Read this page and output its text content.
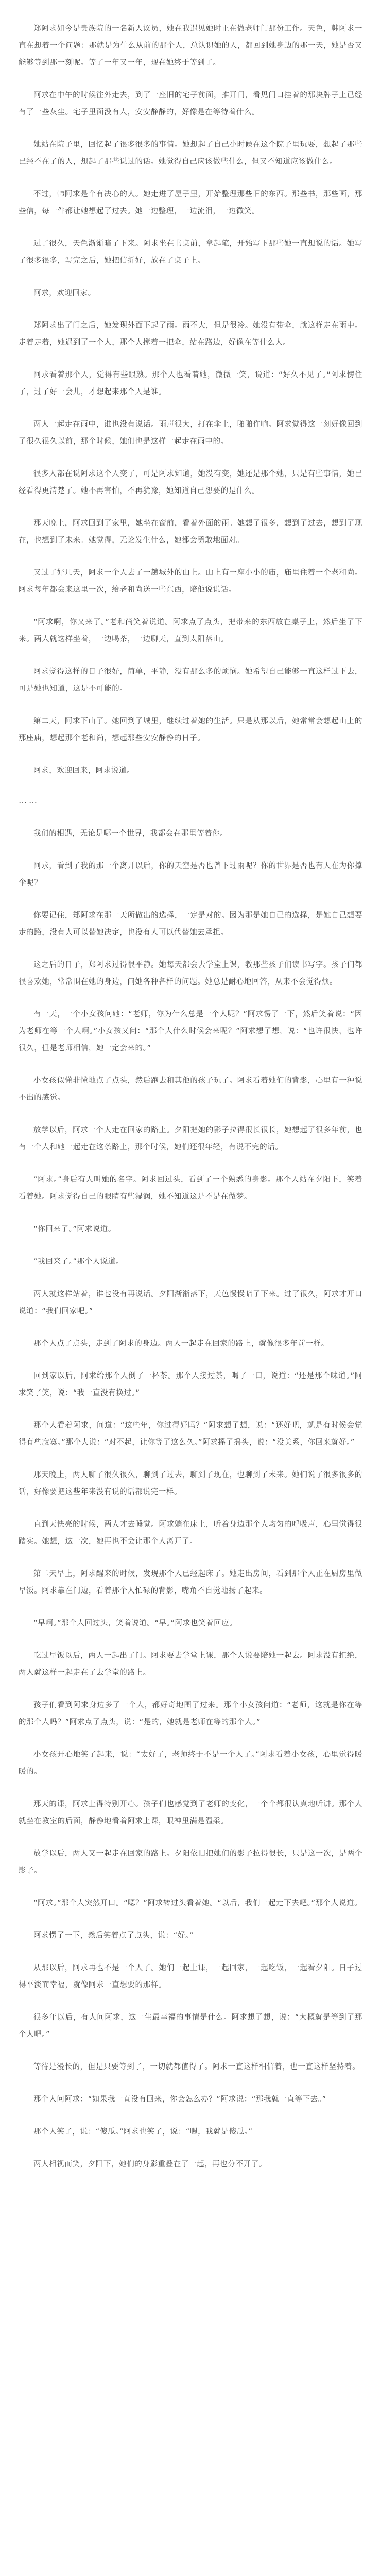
郑阿求如今是贵族院的一名新人议员，她在我遇见她时正在做老师门那份工作。天色，韩阿求一直在想着一个问题：那就是为什么从前的那个人，总认识她的人，都回到她身边的那一天，她是否又能够等到那一刻呢。等了一年又一年，现在她终于等到了。

阿求在中午的时候往外走去，到了一座旧的宅子前面，推开门，看见门口挂着的那块牌子上已经有了一些灰尘。宅子里面没有人，安安静静的，好像是在等待着什么。

她站在院子里，回忆起了很多很多的事情。她想起了自己小时候在这个院子里玩耍，想起了那些已经不在了的人，想起了那些说过的话。她觉得自己应该做些什么，但又不知道应该做什么。

不过，韩阿求是个有决心的人。她走进了屋子里，开始整理那些旧的东西。那些书，那些画，那些信，每一件都让她想起了过去。她一边整理，一边流泪，一边微笑。

过了很久，天色渐渐暗了下来。阿求坐在书桌前，拿起笔，开始写下那些她一直想说的话。她写了很多很多，写完之后，她把信折好，放在了桌子上。

阿求，欢迎回家。

郑阿求出了门之后，她发现外面下起了雨。雨不大，但是很冷。她没有带伞，就这样走在雨中。走着走着，她遇到了一个人，那个人撑着一把伞，站在路边，好像在等什么人。

阿求看着那个人，觉得有些眼熟。那个人也看着她，微微一笑，说道：“好久不见了。”阿求愣住了，过了好一会儿，才想起来那个人是谁。

两人一起走在雨中，谁也没有说话。雨声很大，打在伞上，啪啪作响。阿求觉得这一刻好像回到了很久很久以前，那个时候，她们也是这样一起走在雨中的。

很多人都在说阿求这个人变了，可是阿求知道，她没有变，她还是那个她，只是有些事情，她已经看得更清楚了。她不再害怕，不再犹豫，她知道自己想要的是什么。

那天晚上，阿求回到了家里，她坐在窗前，看着外面的雨。她想了很多，想到了过去，想到了现在，也想到了未来。她觉得，无论发生什么，她都会勇敢地面对。

又过了好几天，阿求一个人去了一趟城外的山上。山上有一座小小的庙，庙里住着一个老和尚。阿求每年都会来这里一次，给老和尚送一些东西，陪他说说话。

“阿求啊，你又来了。”老和尚笑着说道。阿求点了点头，把带来的东西放在桌子上，然后坐了下来。两人就这样坐着，一边喝茶，一边聊天，直到太阳落山。

阿求觉得这样的日子很好，简单，平静，没有那么多的烦恼。她希望自己能够一直这样过下去，可是她也知道，这是不可能的。

第二天，阿求下山了。她回到了城里，继续过着她的生活。只是从那以后，她常常会想起山上的那座庙，想起那个老和尚，想起那些安安静静的日子。

阿求，欢迎回来，阿求说道。

……

我们的相遇，无论是哪一个世界，我都会在那里等着你。

阿求，看到了我的那一个离开以后，你的天空是否也曾下过雨呢？你的世界是否也有人在为你撑伞呢？

你要记住，郑阿求在那一天所做出的选择，一定是对的。因为那是她自己的选择，是她自己想要走的路，没有人可以替她决定，也没有人可以代替她去承担。

这之后的日子，郑阿求过得很平静。她每天都会去学堂上课，教那些孩子们读书写字。孩子们都很喜欢她，常常围在她的身边，问她各种各样的问题。她总是耐心地回答，从来不会觉得烦。

有一天，一个小女孩问她：“老师，你为什么总是一个人呢？”阿求愣了一下，然后笑着说：“因为老师在等一个人啊。”小女孩又问：“那个人什么时候会来呢？”阿求想了想，说：“也许很快，也许很久，但是老师相信，她一定会来的。”

小女孩似懂非懂地点了点头，然后跑去和其他的孩子玩了。阿求看着她们的背影，心里有一种说不出的感觉。

放学以后，阿求一个人走在回家的路上。夕阳把她的影子拉得很长很长，她想起了很多年前，也有一个人和她一起走在这条路上，那个时候，她们还很年轻，有说不完的话。

“阿求。”身后有人叫她的名字。阿求回过头，看到了一个熟悉的身影。那个人站在夕阳下，笑着看着她。阿求觉得自己的眼睛有些湿润，她不知道这是不是在做梦。

“你回来了。”阿求说道。

“我回来了。”那个人说道。

两人就这样站着，谁也没有再说话。夕阳渐渐落下，天色慢慢暗了下来。过了很久，阿求才开口说道：“我们回家吧。”

那个人点了点头，走到了阿求的身边。两人一起走在回家的路上，就像很多年前一样。

回到家以后，阿求给那个人倒了一杯茶。那个人接过茶，喝了一口，说道：“还是那个味道。”阿求笑了笑，说：“我一直没有换过。”

那个人看着阿求，问道：“这些年，你过得好吗？”阿求想了想，说：“还好吧，就是有时候会觉得有些寂寞。”那个人说：“对不起，让你等了这么久。”阿求摇了摇头，说：“没关系，你回来就好。”

那天晚上，两人聊了很久很久，聊到了过去，聊到了现在，也聊到了未来。她们说了很多很多的话，好像要把这些年来没有说的话都说完一样。

直到天快亮的时候，两人才去睡觉。阿求躺在床上，听着身边那个人均匀的呼吸声，心里觉得很踏实。她想，这一次，她再也不会让那个人离开了。

第二天早上，阿求醒来的时候，发现那个人已经起床了。她走出房间，看到那个人正在厨房里做早饭。阿求靠在门边，看着那个人忙碌的背影，嘴角不自觉地扬了起来。

“早啊。”那个人回过头，笑着说道。“早。”阿求也笑着回应。

吃过早饭以后，两人一起出了门。阿求要去学堂上课，那个人说要陪她一起去。阿求没有拒绝，两人就这样一起走在了去学堂的路上。

孩子们看到阿求身边多了一个人，都好奇地围了过来。那个小女孩问道：“老师，这就是你在等的那个人吗？”阿求点了点头，说：“是的，她就是老师在等的那个人。”

小女孩开心地笑了起来，说：“太好了，老师终于不是一个人了。”阿求看着小女孩，心里觉得暖暖的。

那天的课，阿求上得特别开心。孩子们也感觉到了老师的变化，一个个都很认真地听讲。那个人就坐在教室的后面，静静地看着阿求上课，眼神里满是温柔。

放学以后，两人又一起走在回家的路上。夕阳依旧把她们的影子拉得很长，只是这一次，是两个影子。

“阿求。”那个人突然开口。“嗯？”阿求转过头看着她。“以后，我们一起走下去吧。”那个人说道。

阿求愣了一下，然后笑着点了点头，说：“好。”

从那以后，阿求再也不是一个人了。她们一起上课，一起回家，一起吃饭，一起看夕阳。日子过得平淡而幸福，就像阿求一直想要的那样。

很多年以后，有人问阿求，这一生最幸福的事情是什么。阿求想了想，说：“大概就是等到了那个人吧。”

等待是漫长的，但是只要等到了，一切就都值得了。阿求一直这样相信着，也一直这样坚持着。

那个人问阿求：“如果我一直没有回来，你会怎么办？”阿求说：“那我就一直等下去。”

那个人笑了，说：“傻瓜。”阿求也笑了，说：“嗯，我就是傻瓜。”

两人相视而笑，夕阳下，她们的身影重叠在了一起，再也分不开了。
